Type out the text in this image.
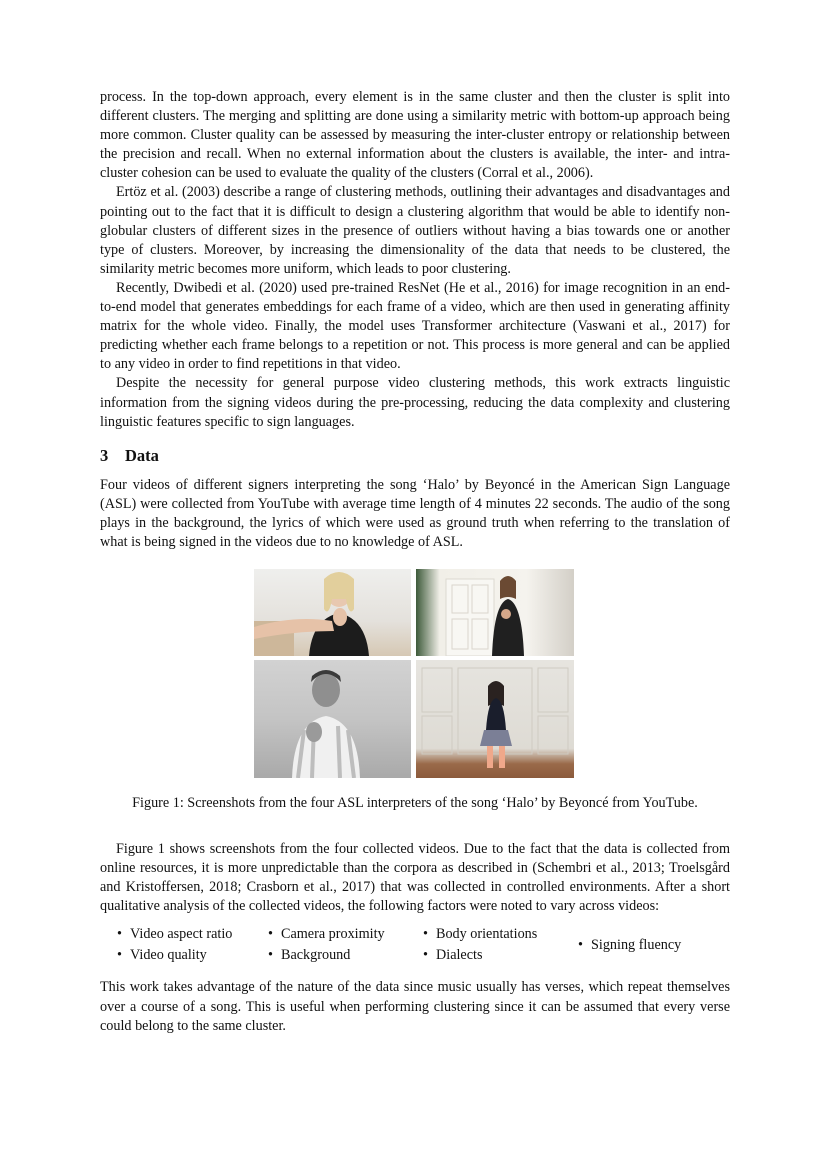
process. In the top-down approach, every element is in the same cluster and then the cluster is split into different clusters. The merging and splitting are done using a similarity metric with bottom-up approach being more common. Cluster quality can be assessed by measuring the inter-cluster entropy or relationship between the precision and recall. When no external information about the clusters is available, the inter- and intra-cluster cohesion can be used to evaluate the quality of the clusters (Corral et al., 2006).

Ertöz et al. (2003) describe a range of clustering methods, outlining their advantages and disadvantages and pointing out to the fact that it is difficult to design a clustering algorithm that would be able to identify non-globular clusters of different sizes in the presence of outliers without having a bias towards one or another type of clusters. Moreover, by increasing the dimensionality of the data that needs to be clustered, the similarity metric becomes more uniform, which leads to poor clustering.

Recently, Dwibedi et al. (2020) used pre-trained ResNet (He et al., 2016) for image recognition in an end-to-end model that generates embeddings for each frame of a video, which are then used in generating affinity matrix for the whole video. Finally, the model uses Transformer architecture (Vaswani et al., 2017) for predicting whether each frame belongs to a repetition or not. This process is more general and can be applied to any video in order to find repetitions in that video.

Despite the necessity for general purpose video clustering methods, this work extracts linguistic information from the signing videos during the pre-processing, reducing the data complexity and clustering linguistic features specific to sign languages.

3 Data

Four videos of different signers interpreting the song ‘Halo’ by Beyoncé in the American Sign Language (ASL) were collected from YouTube with average time length of 4 minutes 22 seconds. The audio of the song plays in the background, the lyrics of which were used as ground truth when referring to the translation of what is being signed in the videos due to no knowledge of ASL.

Figure 1: Screenshots from the four ASL interpreters of the song ‘Halo’ by Beyoncé from YouTube.

Figure 1 shows screenshots from the four collected videos. Due to the fact that the data is collected from online resources, it is more unpredictable than the corpora as described in (Schembri et al., 2013; Troelsgård and Kristoffersen, 2018; Crasborn et al., 2017) that was collected in controlled environments. After a short qualitative analysis of the collected videos, the following factors were noted to vary across videos:

• Video aspect ratio
• Video quality
• Camera proximity
• Background
• Body orientations
• Dialects
• Signing fluency

This work takes advantage of the nature of the data since music usually has verses, which repeat themselves over a course of a song. This is useful when performing clustering since it can be assumed that every verse could belong to the same cluster.
